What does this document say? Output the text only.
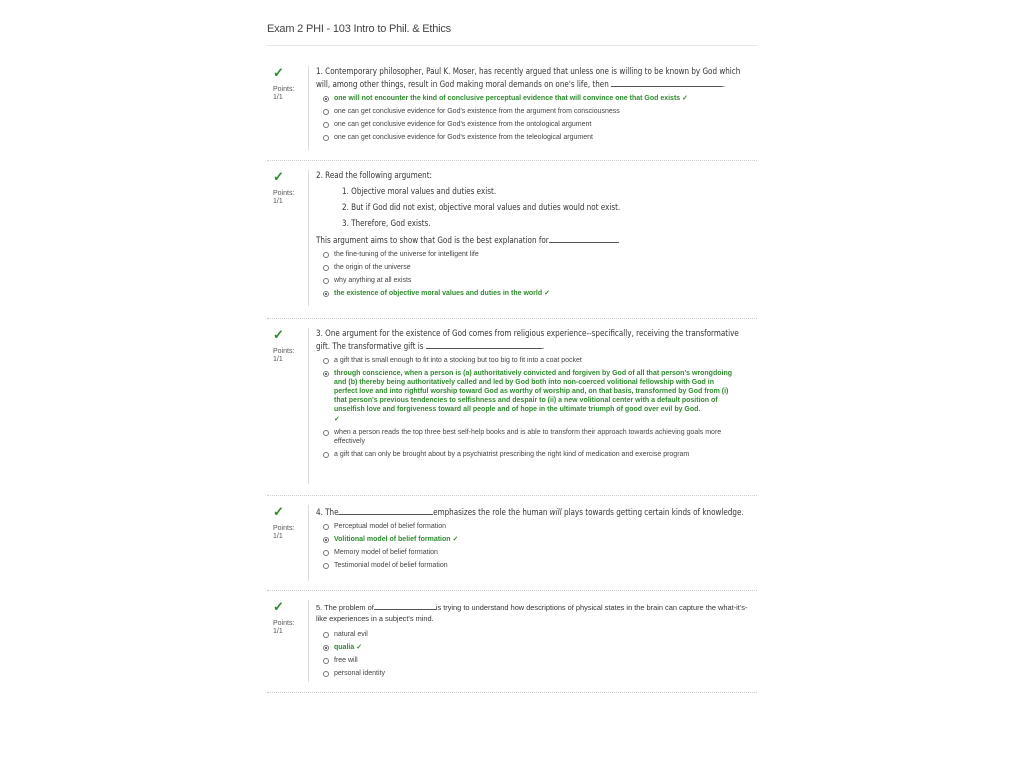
Exam 2 PHI - 103 Intro to Phil. & Ethics
✓
Points:
1/1

1. Contemporary philosopher, Paul K. Moser, has recently argued that unless one is willing to be known by God which will, among other things, result in God making moral demands on one's life, then	.

one will not encounter the kind of conclusive perceptual evidence that will convince one that God exists ✓
one can get conclusive evidence for God's existence from the argument from consciousness
one can get conclusive evidence for God's existence from the ontological argument
one can get conclusive evidence for God's existence from the teleological argument
✓
Points:
1/1

2. Read the following argument:

1. Objective moral values and duties exist.
2. But if God did not exist, objective moral values and duties would not exist.
3. Therefore, God exists.

This argument aims to show that God is the best explanation for	.

the fine-tuning of the universe for intelligent life
the origin of the universe
why anything at all exists
the existence of objective moral values and duties in the world ✓
✓
Points:
1/1

3. One argument for the existence of God comes from religious experience--specifically, receiving the transformative gift. The transformative gift is	.

a gift that is small enough to fit into a stocking but too big to fit into a coat pocket
through conscience, when a person is (a) authoritatively convicted and forgiven by God of all that person's wrongdoing and (b) thereby being authoritatively called and led by God both into non-coerced volitional fellowship with God in perfect love and into rightful worship toward God as worthy of worship and, on that basis, transformed by God from (i) that person's previous tendencies to selfishness and despair to (ii) a new volitional center with a default position of unselfish love and forgiveness toward all people and of hope in the ultimate triumph of good over evil by God.
✓
when a person reads the top three best self-help books and is able to transform their approach towards achieving goals more effectively
a gift that can only be brought about by a psychiatrist prescribing the right kind of medication and exercise program
✓
Points:
1/1

4. The	emphasizes the role the human will plays towards getting certain kinds of knowledge.

Perceptual model of belief formation
Volitional model of belief formation ✓
Memory model of belief formation
Testimonial model of belief formation
✓
Points:
1/1

5. The problem of	is trying to understand how descriptions of physical states in the brain can capture the what-it's-like experiences in a subject's mind.

natural evil
qualia ✓
free will
personal identity
